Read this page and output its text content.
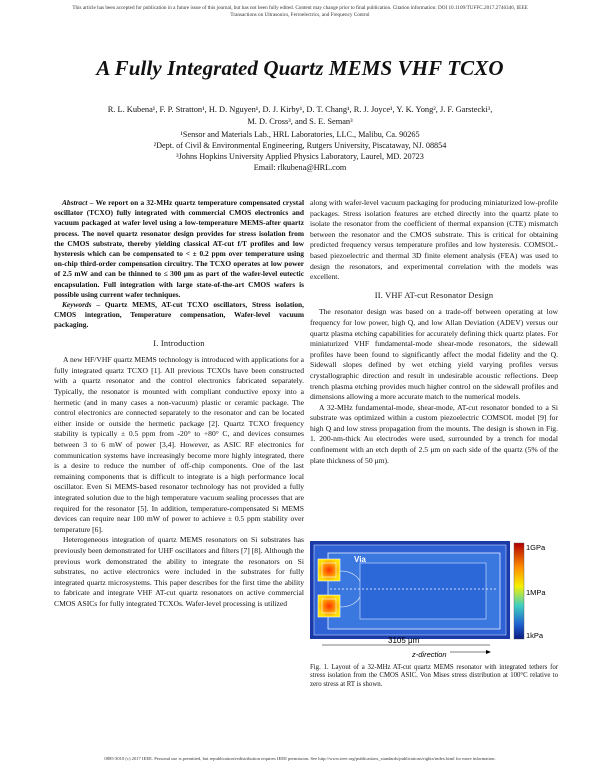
This article has been accepted for publication in a future issue of this journal, but has not been fully edited. Content may change prior to final publication. Citation information: DOI 10.1109/TUFFC.2017.2746346, IEEE
Transactions on Ultrasonics, Ferroelectrics, and Frequency Control
A Fully Integrated Quartz MEMS VHF TCXO
R. L. Kubena¹, F. P. Stratton¹, H. D. Nguyen¹, D. J. Kirby¹, D. T. Chang¹, R. J. Joyce¹, Y. K. Yong², J. F. Garstecki³,
M. D. Cross³, and S. E. Seman³
¹Sensor and Materials Lab., HRL Laboratories, LLC., Malibu, Ca. 90265
²Dept. of Civil & Environmental Engineering, Rutgers University, Piscataway, NJ. 08854
³Johns Hopkins University Applied Physics Laboratory, Laurel, MD. 20723
Email: rlkubena@HRL.com

Abstract – We report on a 32-MHz quartz temperature compensated crystal oscillator (TCXO) fully integrated with commercial CMOS electronics and vacuum packaged at wafer level using a low-temperature MEMS-after quartz process. The novel quartz resonator design provides for stress isolation from the CMOS substrate, thereby yielding classical AT-cut f/T profiles and low hysteresis which can be compensated to < ± 0.2 ppm over temperature using on-chip third-order compensation circuitry. The TCXO operates at low power of 2.5 mW and can be thinned to ≤ 300 μm as part of the wafer-level eutectic encapsulation. Full integration with large state-of-the-art CMOS wafers is possible using current wafer techniques.

Keywords – Quartz MEMS, AT-cut TCXO oscillators, Stress isolation, CMOS integration, Temperature compensation, Wafer-level vacuum packaging.

I. Introduction

A new HF/VHF quartz MEMS technology is introduced with applications for a fully integrated quartz TCXO [1]. All previous TCXOs have been constructed with a quartz resonator and the control electronics fabricated separately. Typically, the resonator is mounted with compliant conductive epoxy into a hermetic (and in many cases a non-vacuum) plastic or ceramic package. The control electronics are connected separately to the resonator and can be located either inside or outside the hermetic package [2]. Quartz TCXO frequency stability is typically ± 0.5 ppm from -20° to +80° C, and devices consumes between 3 to 6 mW of power [3,4]. However, as ASIC RF electronics for communication systems have increasingly become more highly integrated, there is a desire to reduce the number of off-chip components. One of the last remaining components that is difficult to integrate is a high performance local oscillator. Even Si MEMS-based resonator technology has not provided a fully integrated solution due to the high temperature vacuum sealing processes that are required for the resonator [5]. In addition, temperature-compensated Si MEMS devices can require near 100 mW of power to achieve ± 0.5 ppm stability over temperature [6].

Heterogeneous integration of quartz MEMS resonators on Si substrates has previously been demonstrated for UHF oscillators and filters [7] [8]. Although the previous work demonstrated the ability to integrate the resonators on Si substrates, no active electronics were included in the substrates for fully integrated quartz microsystems. This paper describes for the first time the ability to fabricate and integrate VHF AT-cut quartz resonators on active commercial CMOS ASICs for fully integrated TCXOs. Wafer-level processing is utilized

along with wafer-level vacuum packaging for producing miniaturized low-profile packages. Stress isolation features are etched directly into the quartz plate to isolate the resonator from the coefficient of thermal expansion (CTE) mismatch between the resonator and the CMOS substrate. This is critical for obtaining predicted frequency versus temperature profiles and low hysteresis. COMSOL-based piezoelectric and thermal 3D finite element analysis (FEA) was used to design the resonators, and experimental correlation with the models was excellent.

II. VHF AT-cut Resonator Design

The resonator design was based on a trade-off between operating at low frequency for low power, high Q, and low Allan Deviation (ADEV) versus our quartz plasma etching capabilities for accurately defining thick quartz plates. For miniaturized VHF fundamental-mode shear-mode resonators, the sidewall profiles have been found to significantly affect the modal fidelity and the Q. Sidewall slopes defined by wet etching yield varying profiles versus crystallographic direction and result in undesirable acoustic reflections. Deep trench plasma etching provides much higher control on the sidewall profiles and dimensions allowing a more accurate match to the numerical models.

A 32-MHz fundamental-mode, shear-mode, AT-cut resonator bonded to a Si substrate was optimized within a custom piezoelectric COMSOL model [9] for high Q and low stress propagation from the mounts. The design is shown in Fig. 1. 200-nm-thick Au electrodes were used, surrounded by a trench for modal confinement with an etch depth of 2.5 μm on each side of the quartz (5% of the plate thickness of 50 μm).

Via
3105 μm
z-direction
1GPa
1MPa
1kPa
Fig. 1. Layout of a 32-MHz AT-cut quartz MEMS resonator with integrated tethers for stress isolation from the CMOS ASIC. Von Mises stress distribution at 100°C relative to zero stress at RT is shown.
0885-3010 (c) 2017 IEEE. Personal use is permitted, but republication/redistribution requires IEEE permission. See http://www.ieee.org/publications_standards/publications/rights/index.html for more information.
